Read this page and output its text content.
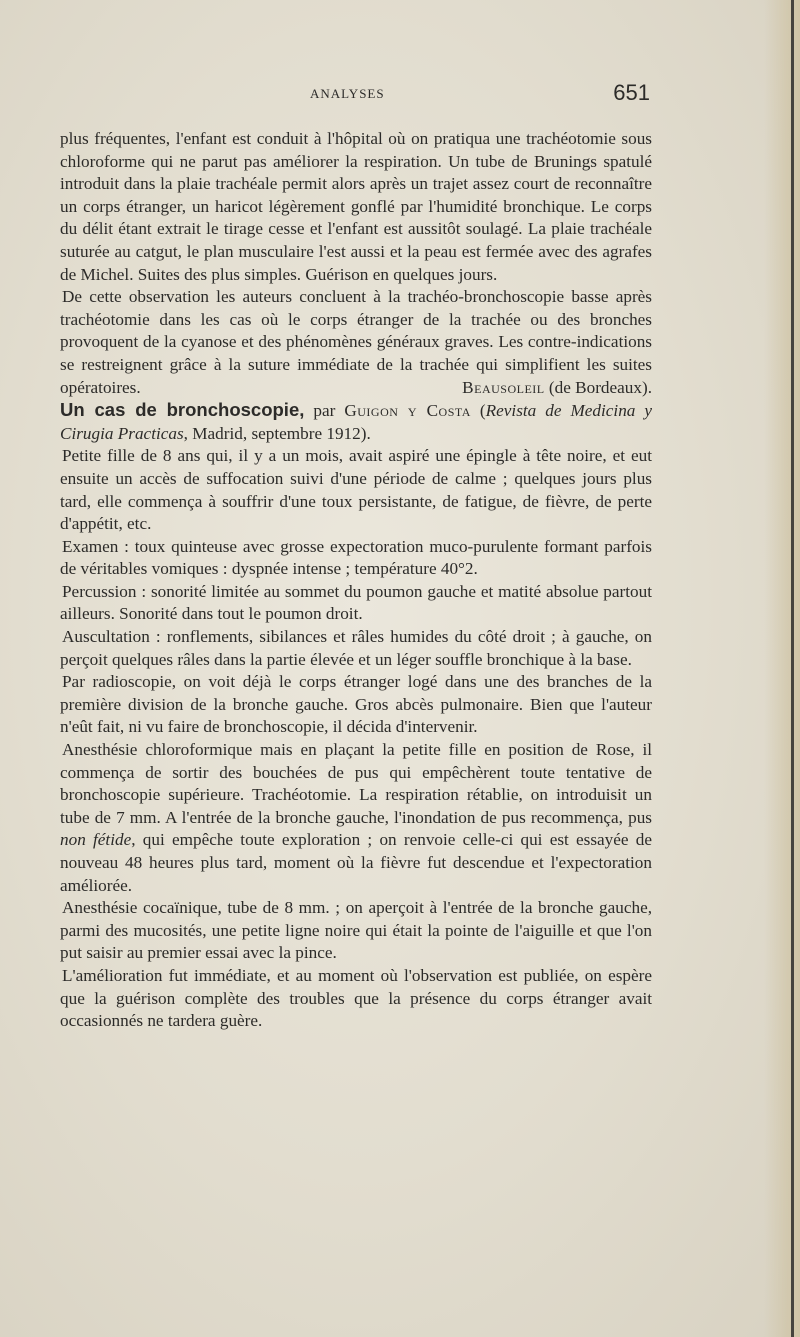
ANALYSES	651

plus fréquentes, l'enfant est conduit à l'hôpital où on pratiqua une trachéotomie sous chloroforme qui ne parut pas améliorer la respiration. Un tube de Brunings spatulé introduit dans la plaie trachéale permit alors après un trajet assez court de reconnaître un corps étranger, un haricot légèrement gonflé par l'humidité bronchique. Le corps du délit étant extrait le tirage cesse et l'enfant est aussitôt soulagé. La plaie trachéale suturée au catgut, le plan musculaire l'est aussi et la peau est fermée avec des agrafes de Michel. Suites des plus simples. Guérison en quelques jours.

De cette observation les auteurs concluent à la trachéo-bronchoscopie basse après trachéotomie dans les cas où le corps étranger de la trachée ou des bronches provoquent de la cyanose et des phénomènes généraux graves. Les contre-indications se restreignent grâce à la suture immédiate de la trachée qui simplifient les suites opératoires.	Beausoleil (de Bordeaux).

Un cas de bronchoscopie, par Guigon y Costa (Revista de Medicina y Cirugia Practicas, Madrid, septembre 1912).

Petite fille de 8 ans qui, il y a un mois, avait aspiré une épingle à tête noire, et eut ensuite un accès de suffocation suivi d'une période de calme ; quelques jours plus tard, elle commença à souffrir d'une toux persistante, de fatigue, de fièvre, de perte d'appétit, etc.

Examen : toux quinteuse avec grosse expectoration muco-purulente formant parfois de véritables vomiques : dyspnée intense ; température 40°2.

Percussion : sonorité limitée au sommet du poumon gauche et matité absolue partout ailleurs. Sonorité dans tout le poumon droit.

Auscultation : ronflements, sibilances et râles humides du côté droit ; à gauche, on perçoit quelques râles dans la partie élevée et un léger souffle bronchique à la base.

Par radioscopie, on voit déjà le corps étranger logé dans une des branches de la première division de la bronche gauche. Gros abcès pulmonaire. Bien que l'auteur n'eût fait, ni vu faire de bronchoscopie, il décida d'intervenir.

Anesthésie chloroformique mais en plaçant la petite fille en position de Rose, il commença de sortir des bouchées de pus qui empêchèrent toute tentative de bronchoscopie supérieure. Trachéotomie. La respiration rétablie, on introduisit un tube de 7 mm. A l'entrée de la bronche gauche, l'inondation de pus recommença, pus non fétide, qui empêche toute exploration ; on renvoie celle-ci qui est essayée de nouveau 48 heures plus tard, moment où la fièvre fut descendue et l'expectoration améliorée.

Anesthésie cocaïnique, tube de 8 mm. ; on aperçoit à l'entrée de la bronche gauche, parmi des mucosités, une petite ligne noire qui était la pointe de l'aiguille et que l'on put saisir au premier essai avec la pince.

L'amélioration fut immédiate, et au moment où l'observation est publiée, on espère que la guérison complète des troubles que la présence du corps étranger avait occasionnés ne tardera guère.
